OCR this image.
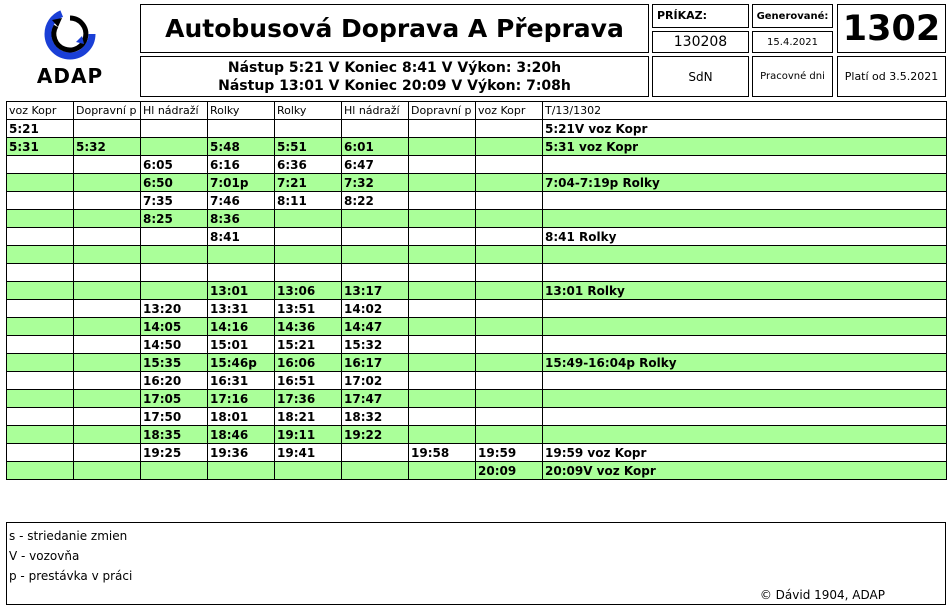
ADAP
Autobusová Doprava A Přeprava
Nástup 5:21 V Koniec 8:41 V Výkon: 3:20h
Nástup 13:01 V Koniec 20:09 V Výkon: 7:08h
PRÍKAZ:
130208
Generované:
15.4.2021 1302
SdN	Pracovné dni	Platí od 3.5.2021
voz Kopr	Dopravní p	Hl nádraží	Rolky	Rolky	Hl nádraží	Dopravní p	voz Kopr	T/13/1302
5:21								5:21V voz Kopr
5:31	5:32		5:48	5:51	6:01			5:31 voz Kopr
		6:05	6:16	6:36	6:47			
		6:50	7:01p	7:21	7:32			7:04-7:19p Rolky
		7:35	7:46	8:11	8:22			
		8:25	8:36					
			8:41					8:41 Rolky

			13:01	13:06	13:17			13:01 Rolky
		13:20	13:31	13:51	14:02			
		14:05	14:16	14:36	14:47			
		14:50	15:01	15:21	15:32			
		15:35	15:46p	16:06	16:17			15:49-16:04p Rolky
		16:20	16:31	16:51	17:02			
		17:05	17:16	17:36	17:47			
		17:50	18:01	18:21	18:32			
		18:35	18:46	19:11	19:22			
		19:25	19:36	19:41		19:58	19:59	19:59 voz Kopr
							20:09	20:09V voz Kopr
s - striedanie zmien
V - vozovňa
p - prestávka v práci
© Dávid 1904, ADAP
